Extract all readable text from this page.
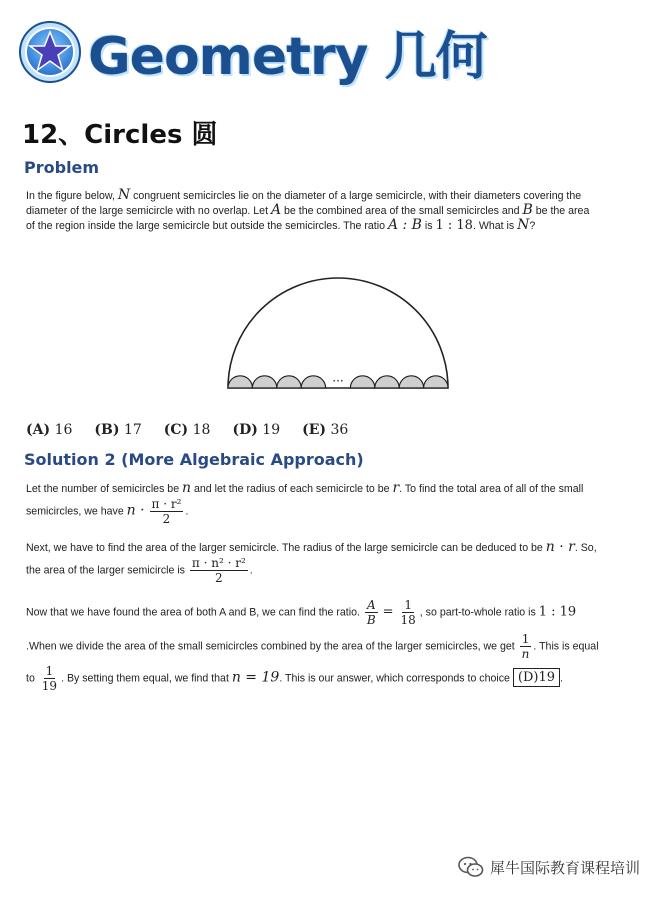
Geometry 几何
12、Circles 圆
Problem
In the figure below, N congruent semicircles lie on the diameter of a large semicircle, with their diameters covering the
diameter of the large semicircle with no overlap. Let A be the combined area of the small semicircles and B be the area
of the region inside the large semicircle but outside the semicircles. The ratio A : B is 1 : 18. What is N?
···
(A) 16 (B) 17 (C) 18 (D) 19 (E) 36
Solution 2 (More Algebraic Approach)
Let the number of semicircles be n and let the radius of each semicircle to be r. To find the total area of all of the small
semicircles, we have $n \cdot \frac{\text{π · r²}}{2}$ .
Next, we have to find the area of the larger semicircle. The radius of the large semicircle can be deduced to be n · r. So,
the area of the larger semicircle is $\frac{\text{π · n² · r²}}{2}$ .
Now that we have found the area of both A and B, we can find the ratio. $\frac{A}{B} = \frac{1}{18}$ , so part-to-whole ratio is 1 : 19
.When we divide the area of the small semicircles combined by the area of the larger semicircles, we get $\frac{1}{n}$ . This is equal
to $\frac{1}{19}$ . By setting them equal, we find that n = 19. This is our answer, which corresponds to choice (D)19 .
犀牛国际教育课程培训
